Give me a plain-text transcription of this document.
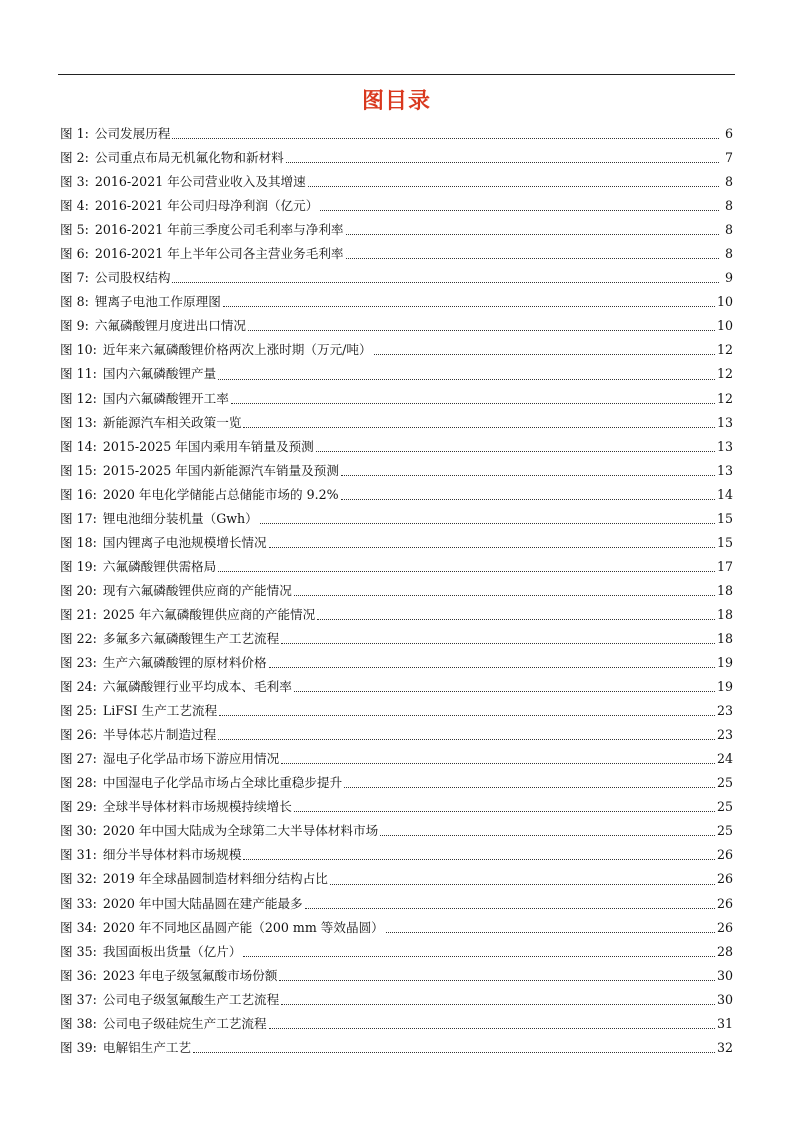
图目录
图 1: 公司发展历程	6
图 2: 公司重点布局无机氟化物和新材料	7
图 3: 2016-2021 年公司营业收入及其增速	8
图 4: 2016-2021 年公司归母净利润（亿元）	8
图 5: 2016-2021 年前三季度公司毛利率与净利率	8
图 6: 2016-2021 年上半年公司各主营业务毛利率	8
图 7: 公司股权结构	9
图 8: 锂离子电池工作原理图	10
图 9: 六氟磷酸锂月度进出口情况	10
图 10: 近年来六氟磷酸锂价格两次上涨时期（万元/吨）	12
图 11: 国内六氟磷酸锂产量	12
图 12: 国内六氟磷酸锂开工率	12
图 13: 新能源汽车相关政策一览	13
图 14: 2015-2025 年国内乘用车销量及预测	13
图 15: 2015-2025 年国内新能源汽车销量及预测	13
图 16: 2020 年电化学储能占总储能市场的 9.2%	14
图 17: 锂电池细分装机量（Gwh）	15
图 18: 国内锂离子电池规模增长情况	15
图 19: 六氟磷酸锂供需格局	17
图 20: 现有六氟磷酸锂供应商的产能情况	18
图 21: 2025 年六氟磷酸锂供应商的产能情况	18
图 22: 多氟多六氟磷酸锂生产工艺流程	18
图 23: 生产六氟磷酸锂的原材料价格	19
图 24: 六氟磷酸锂行业平均成本、毛利率	19
图 25: LiFSI 生产工艺流程	23
图 26: 半导体芯片制造过程	23
图 27: 湿电子化学品市场下游应用情况	24
图 28: 中国湿电子化学品市场占全球比重稳步提升	25
图 29: 全球半导体材料市场规模持续增长	25
图 30: 2020 年中国大陆成为全球第二大半导体材料市场	25
图 31: 细分半导体材料市场规模	26
图 32: 2019 年全球晶圆制造材料细分结构占比	26
图 33: 2020 年中国大陆晶圆在建产能最多	26
图 34: 2020 年不同地区晶圆产能（200 mm 等效晶圆）	26
图 35: 我国面板出货量（亿片）	28
图 36: 2023 年电子级氢氟酸市场份额	30
图 37: 公司电子级氢氟酸生产工艺流程	30
图 38: 公司电子级硅烷生产工艺流程	31
图 39: 电解铝生产工艺	32
